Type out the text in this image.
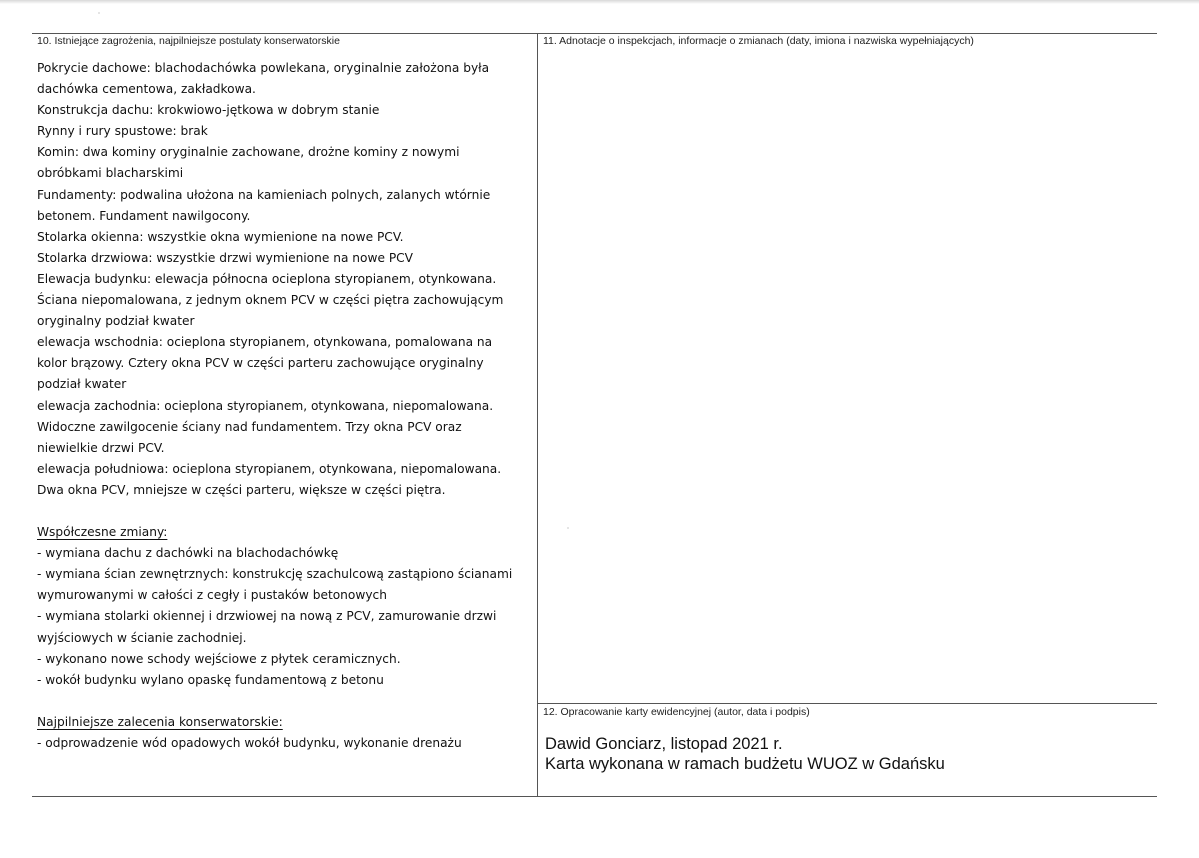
10. Istniejące zagrożenia, najpilniejsze postulaty konserwatorskie
Pokrycie dachowe: blachodachówka powlekana, oryginalnie założona była
dachówka cementowa, zakładkowa.
Konstrukcja dachu: krokwiowo-jętkowa w dobrym stanie
Rynny i rury spustowe: brak
Komin: dwa kominy oryginalnie zachowane, drożne kominy z nowymi
obróbkami blacharskimi
Fundamenty: podwalina ułożona na kamieniach polnych, zalanych wtórnie
betonem. Fundament nawilgocony.
Stolarka okienna: wszystkie okna wymienione na nowe PCV.
Stolarka drzwiowa: wszystkie drzwi wymienione na nowe PCV
Elewacja budynku: elewacja północna ocieplona styropianem, otynkowana.
Ściana niepomalowana, z jednym oknem PCV w części piętra zachowującym
oryginalny podział kwater
elewacja wschodnia: ocieplona styropianem, otynkowana, pomalowana na
kolor brązowy. Cztery okna PCV w części parteru zachowujące oryginalny
podział kwater
elewacja zachodnia: ocieplona styropianem, otynkowana, niepomalowana.
Widoczne zawilgocenie ściany nad fundamentem. Trzy okna PCV oraz
niewielkie drzwi PCV.
elewacja południowa: ocieplona styropianem, otynkowana, niepomalowana.
Dwa okna PCV, mniejsze w części parteru, większe w części piętra.
Współczesne zmiany:
- wymiana dachu z dachówki na blachodachówkę
- wymiana ścian zewnętrznych: konstrukcję szachulcową zastąpiono ścianami
wymurowanymi w całości z cegły i pustaków betonowych
- wymiana stolarki okiennej i drzwiowej na nową z PCV, zamurowanie drzwi
wyjściowych w ścianie zachodniej.
- wykonano nowe schody wejściowe z płytek ceramicznych.
- wokół budynku wylano opaskę fundamentową z betonu
Najpilniejsze zalecenia konserwatorskie:
- odprowadzenie wód opadowych wokół budynku, wykonanie drenażu
11. Adnotacje o inspekcjach, informacje o zmianach (daty, imiona i nazwiska wypełniających)
12. Opracowanie karty ewidencyjnej (autor, data i podpis)
Dawid Gonciarz, listopad 2021 r.
Karta wykonana w ramach budżetu WUOZ w Gdańsku
